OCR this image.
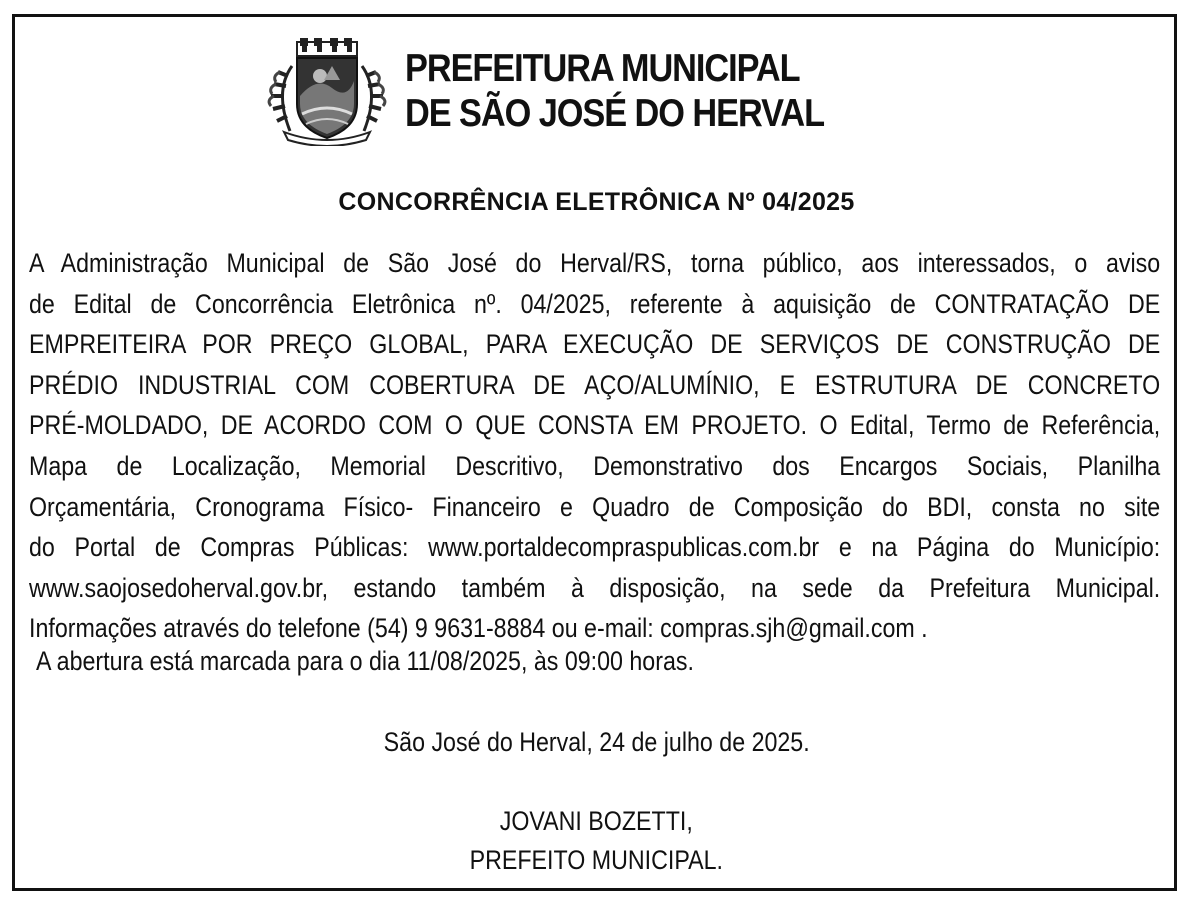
PREFEITURA MUNICIPAL
DE SÃO JOSÉ DO HERVAL
CONCORRÊNCIA ELETRÔNICA Nº 04/2025
A Administração Municipal de São José do Herval/RS, torna público, aos interessados, o aviso
de Edital de Concorrência Eletrônica nº. 04/2025, referente à aquisição de CONTRATAÇÃO DE
EMPREITEIRA POR PREÇO GLOBAL, PARA EXECUÇÃO DE SERVIÇOS DE CONSTRUÇÃO DE
PRÉDIO INDUSTRIAL COM COBERTURA DE AÇO/ALUMÍNIO, E ESTRUTURA DE CONCRETO
PRÉ-MOLDADO, DE ACORDO COM O QUE CONSTA EM PROJETO. O Edital, Termo de Referência,
Mapa de Localização, Memorial Descritivo, Demonstrativo dos Encargos Sociais, Planilha
Orçamentária, Cronograma Físico- Financeiro e Quadro de Composição do BDI, consta no site
do Portal de Compras Públicas: www.portaldecompraspublicas.com.br e na Página do Município:
www.saojosedoherval.gov.br, estando também à disposição, na sede da Prefeitura Municipal.
Informações através do telefone (54) 9 9631-8884 ou e-mail: compras.sjh@gmail.com .
A abertura está marcada para o dia 11/08/2025, às 09:00 horas.
São José do Herval, 24 de julho de 2025.
JOVANI BOZETTI,
PREFEITO MUNICIPAL.
